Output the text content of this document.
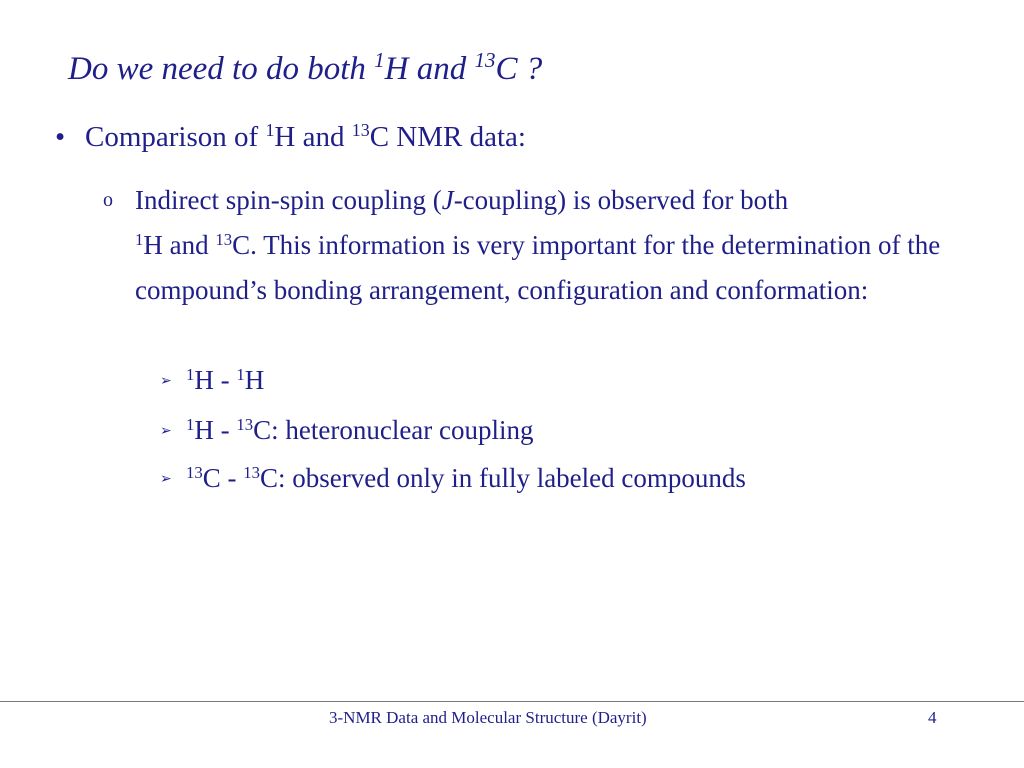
Do we need to do both $^1$H and $^{13}$C ?
• Comparison of $^1$H and $^{13}$C NMR data:
o Indirect spin-spin coupling (J-coupling) is observed for both
$^1$H and $^{13}$C. This information is very important for the determination of the compound’s bonding arrangement, configuration and conformation:
➢ $^1$H - $^1$H
➢ $^1$H - $^{13}$C: heteronuclear coupling
➢ $^{13}$C - $^{13}$C: observed only in fully labeled compounds
3-NMR Data and Molecular Structure (Dayrit)	4
